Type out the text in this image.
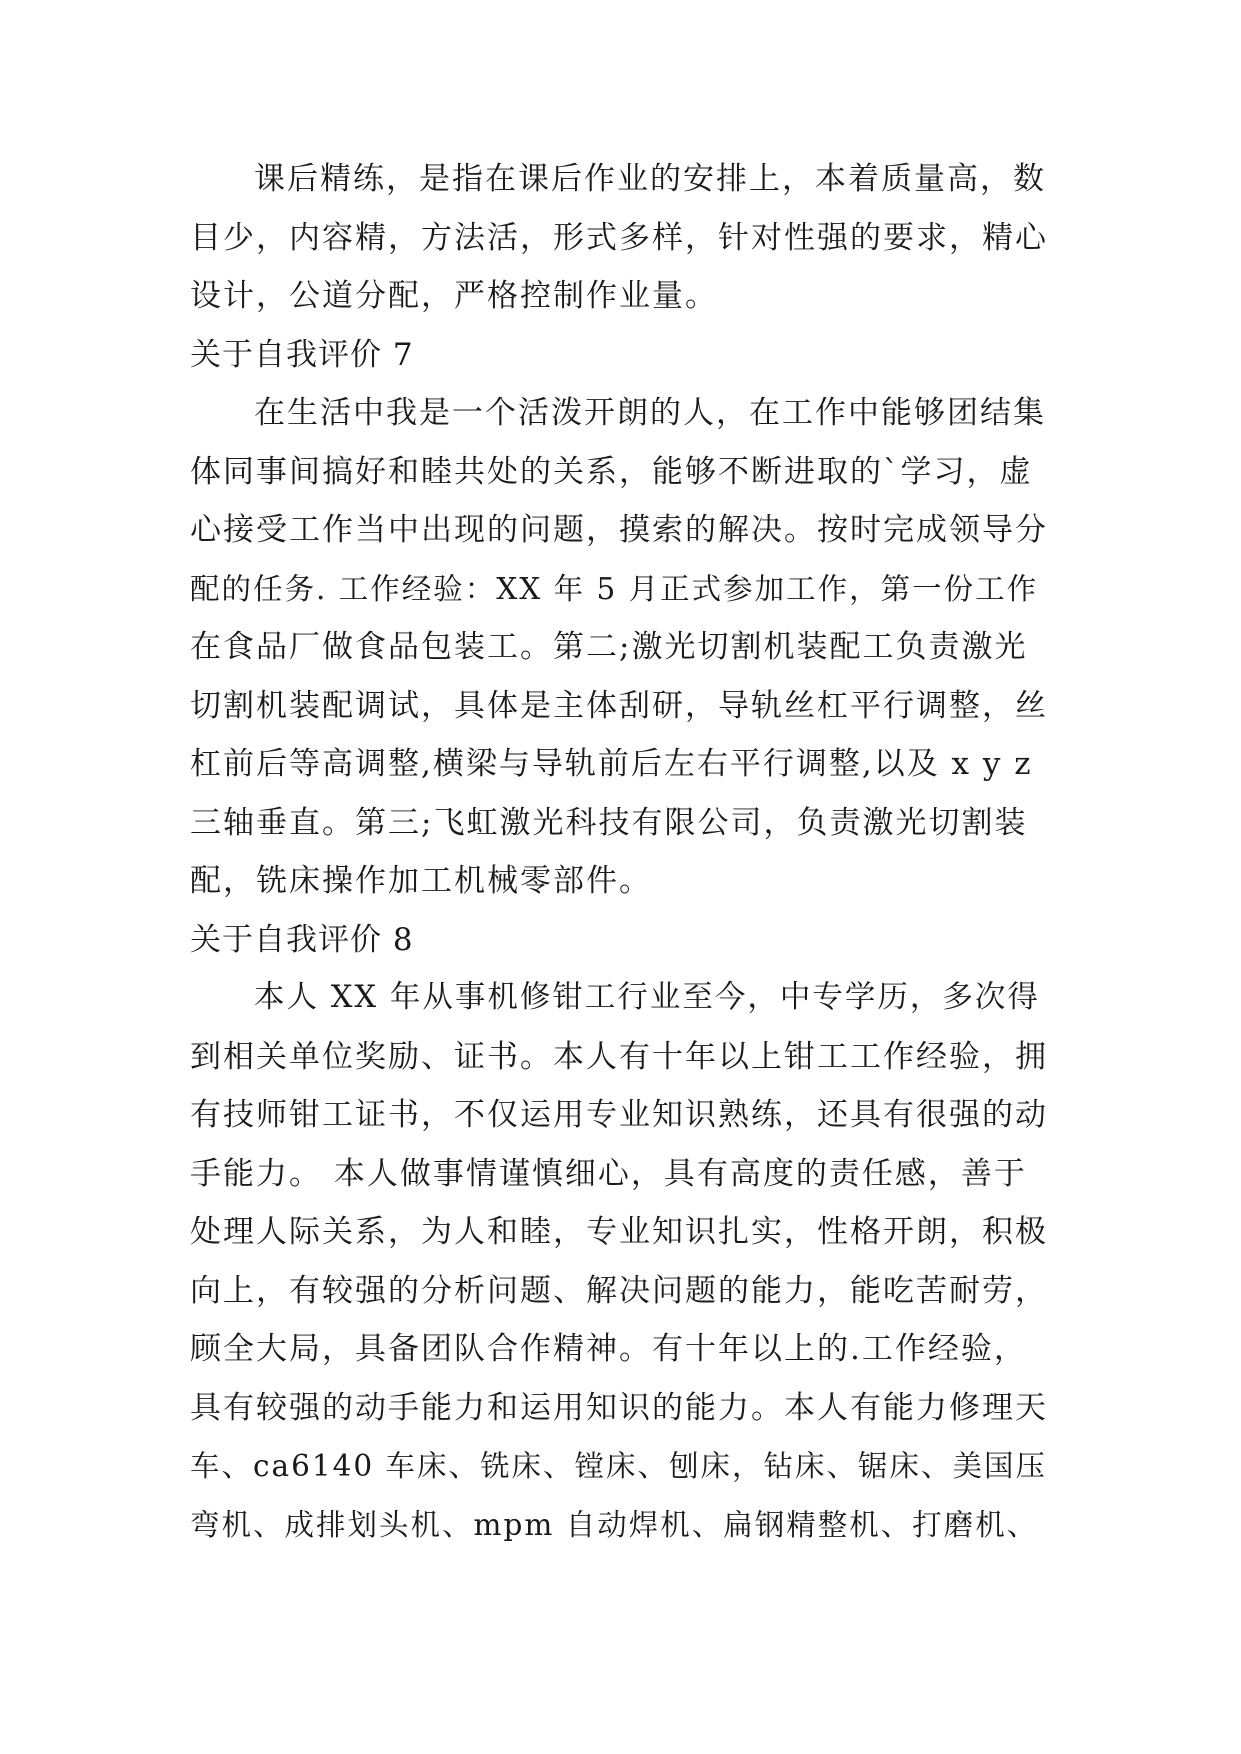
课后精练，是指在课后作业的安排上，本着质量高，数
目少，内容精，方法活，形式多样，针对性强的要求，精心
设计，公道分配，严格控制作业量。
关于自我评价 7
在生活中我是一个活泼开朗的人，在工作中能够团结集
体同事间搞好和睦共处的关系，能够不断进取的`学习，虚
心接受工作当中出现的问题，摸索的解决。按时完成领导分
配的任务. 工作经验：XX 年 5 月正式参加工作，第一份工作
在食品厂做食品包装工。第二;激光切割机装配工负责激光
切割机装配调试，具体是主体刮研，导轨丝杠平行调整，丝
杠前后等高调整,横梁与导轨前后左右平行调整,以及 x y z
三轴垂直。第三;飞虹激光科技有限公司，负责激光切割装
配，铣床操作加工机械零部件。
关于自我评价 8
本人 XX 年从事机修钳工行业至今，中专学历，多次得
到相关单位奖励、证书。本人有十年以上钳工工作经验，拥
有技师钳工证书，不仅运用专业知识熟练，还具有很强的动
手能力。 本人做事情谨慎细心，具有高度的责任感，善于
处理人际关系，为人和睦，专业知识扎实，性格开朗，积极
向上，有较强的分析问题、解决问题的能力，能吃苦耐劳，
顾全大局，具备团队合作精神。有十年以上的.工作经验，
具有较强的动手能力和运用知识的能力。本人有能力修理天
车、ca6140 车床、铣床、镗床、刨床，钻床、锯床、美国压
弯机、成排划头机、mpm 自动焊机、扁钢精整机、打磨机、
